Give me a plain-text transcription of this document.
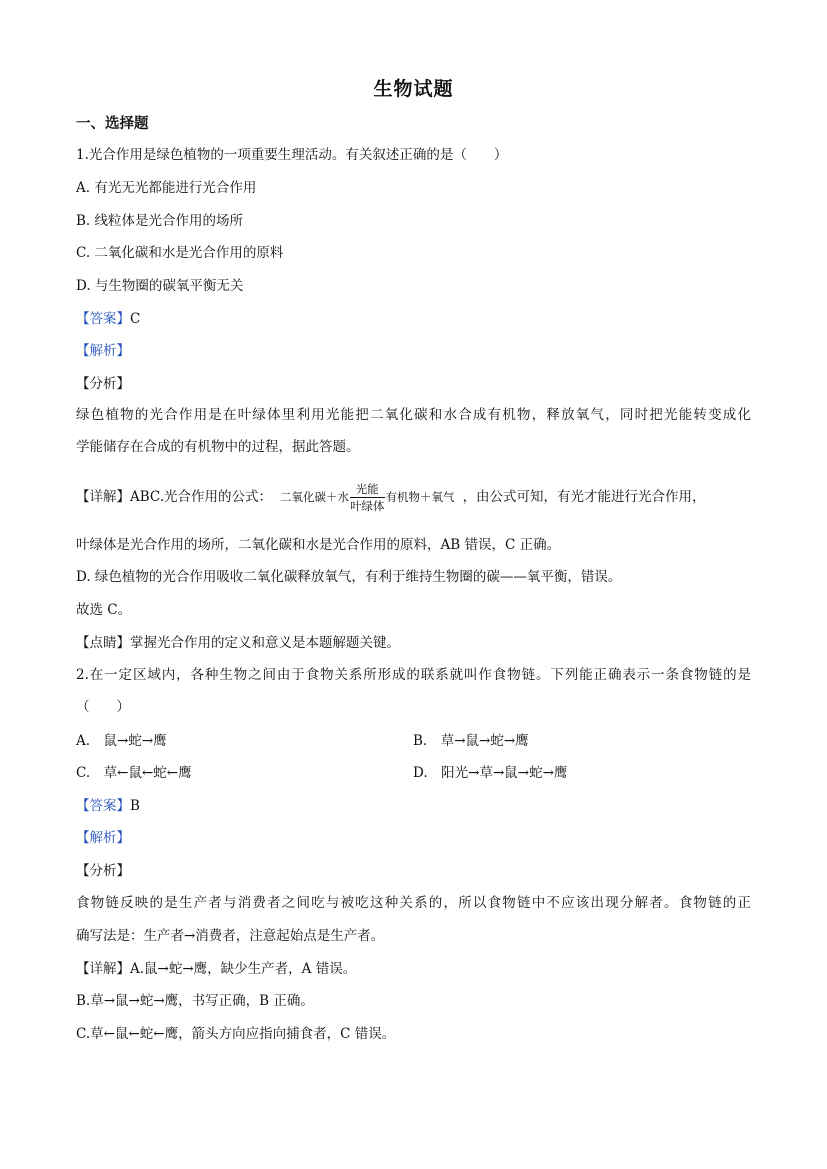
生物试题
一、选择题
1.光合作用是绿色植物的一项重要生理活动。有关叙述正确的是（　　）
A. 有光无光都能进行光合作用
B. 线粒体是光合作用的场所
C. 二氧化碳和水是光合作用的原料
D. 与生物圈的碳氧平衡无关
【答案】C
【解析】
【分析】
绿色植物的光合作用是在叶绿体里利用光能把二氧化碳和水合成有机物，释放氧气，同时把光能转变成化
学能储存在合成的有机物中的过程，据此答题。
【详解】ABC.光合作用的公式： 二氧化碳＋水 $\frac{\text{光能}}{\text{叶绿体}}$ 有机物＋氧气 ，由公式可知，有光才能进行光合作用，
叶绿体是光合作用的场所，二氧化碳和水是光合作用的原料，AB 错误，C 正确。
D. 绿色植物的光合作用吸收二氧化碳释放氧气，有利于维持生物圈的碳——氧平衡，错误。
故选 C。
【点睛】掌握光合作用的定义和意义是本题解题关键。
2.在一定区域内，各种生物之间由于食物关系所形成的联系就叫作食物链。下列能正确表示一条食物链的是
（　　）
A.　鼠→蛇→鹰	B.　草→鼠→蛇→鹰
C.　草←鼠←蛇←鹰	D.　阳光→草→鼠→蛇→鹰
【答案】B
【解析】
【分析】
食物链反映的是生产者与消费者之间吃与被吃这种关系的，所以食物链中不应该出现分解者。食物链的正
确写法是：生产者→消费者，注意起始点是生产者。
【详解】A.鼠→蛇→鹰，缺少生产者，A 错误。
B.草→鼠→蛇→鹰，书写正确，B 正确。
C.草←鼠←蛇←鹰，箭头方向应指向捕食者，C 错误。
